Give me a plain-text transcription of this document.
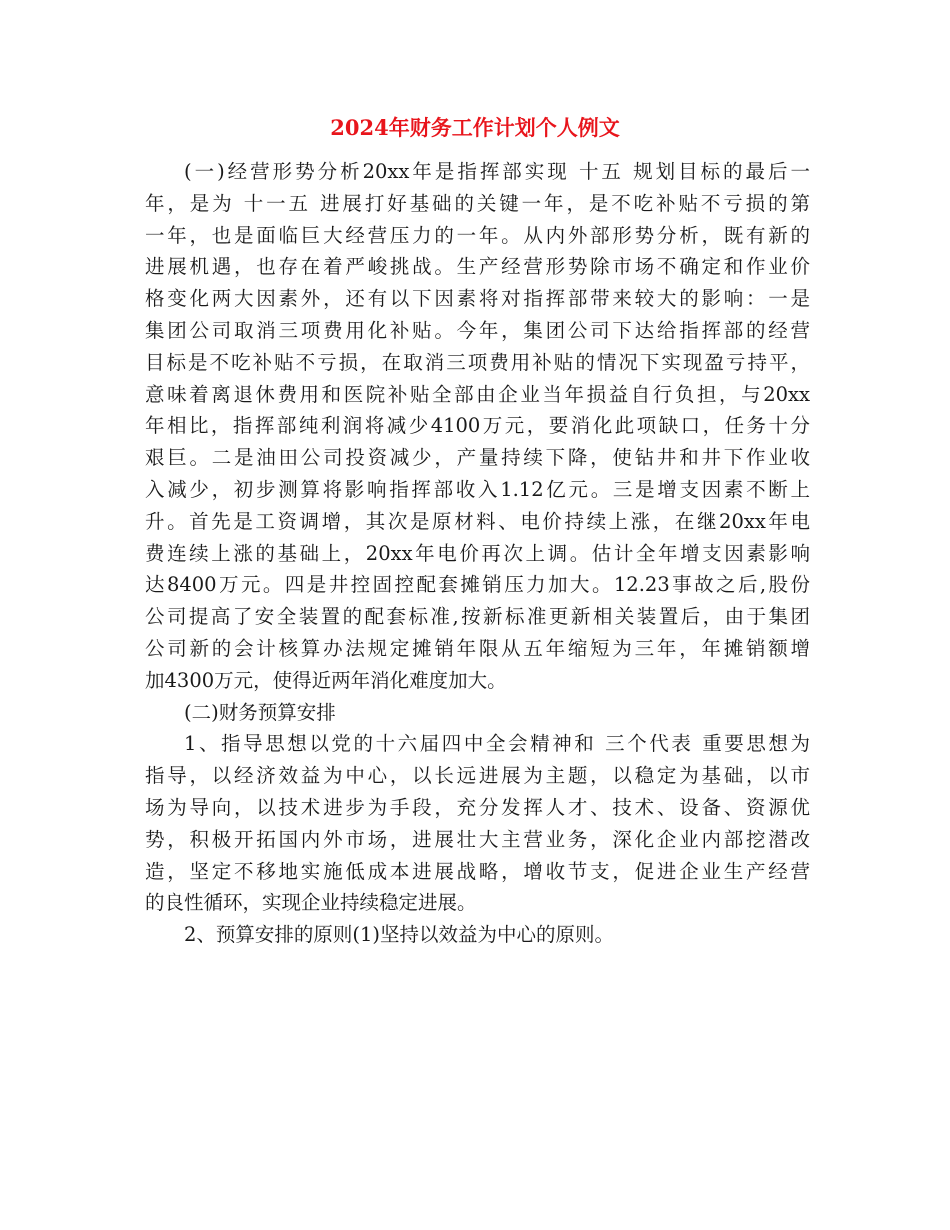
2024年财务工作计划个人例文

(一)经营形势分析20xx年是指挥部实现 十五 规划目标的最后一
年，是为 十一五 进展打好基础的关键一年，是不吃补贴不亏损的第
一年，也是面临巨大经营压力的一年。从内外部形势分析，既有新的
进展机遇，也存在着严峻挑战。生产经营形势除市场不确定和作业价
格变化两大因素外，还有以下因素将对指挥部带来较大的影响：一是
集团公司取消三项费用化补贴。今年，集团公司下达给指挥部的经营
目标是不吃补贴不亏损，在取消三项费用补贴的情况下实现盈亏持平，
意味着离退休费用和医院补贴全部由企业当年损益自行负担，与20xx
年相比，指挥部纯利润将减少4100万元，要消化此项缺口，任务十分
艰巨。二是油田公司投资减少，产量持续下降，使钻井和井下作业收
入减少，初步测算将影响指挥部收入1.12亿元。三是增支因素不断上
升。首先是工资调增，其次是原材料、电价持续上涨，在继20xx年电
费连续上涨的基础上，20xx年电价再次上调。估计全年增支因素影响
达8400万元。四是井控固控配套摊销压力加大。12.23事故之后,股份
公司提高了安全装置的配套标准,按新标准更新相关装置后，由于集团
公司新的会计核算办法规定摊销年限从五年缩短为三年，年摊销额增
加4300万元，使得近两年消化难度加大。

(二)财务预算安排

1、指导思想以党的十六届四中全会精神和 三个代表 重要思想为
指导，以经济效益为中心，以长远进展为主题，以稳定为基础，以市
场为导向，以技术进步为手段，充分发挥人才、技术、设备、资源优
势，积极开拓国内外市场，进展壮大主营业务，深化企业内部挖潜改
造，坚定不移地实施低成本进展战略，增收节支，促进企业生产经营
的良性循环，实现企业持续稳定进展。

2、预算安排的原则(1)坚持以效益为中心的原则。
